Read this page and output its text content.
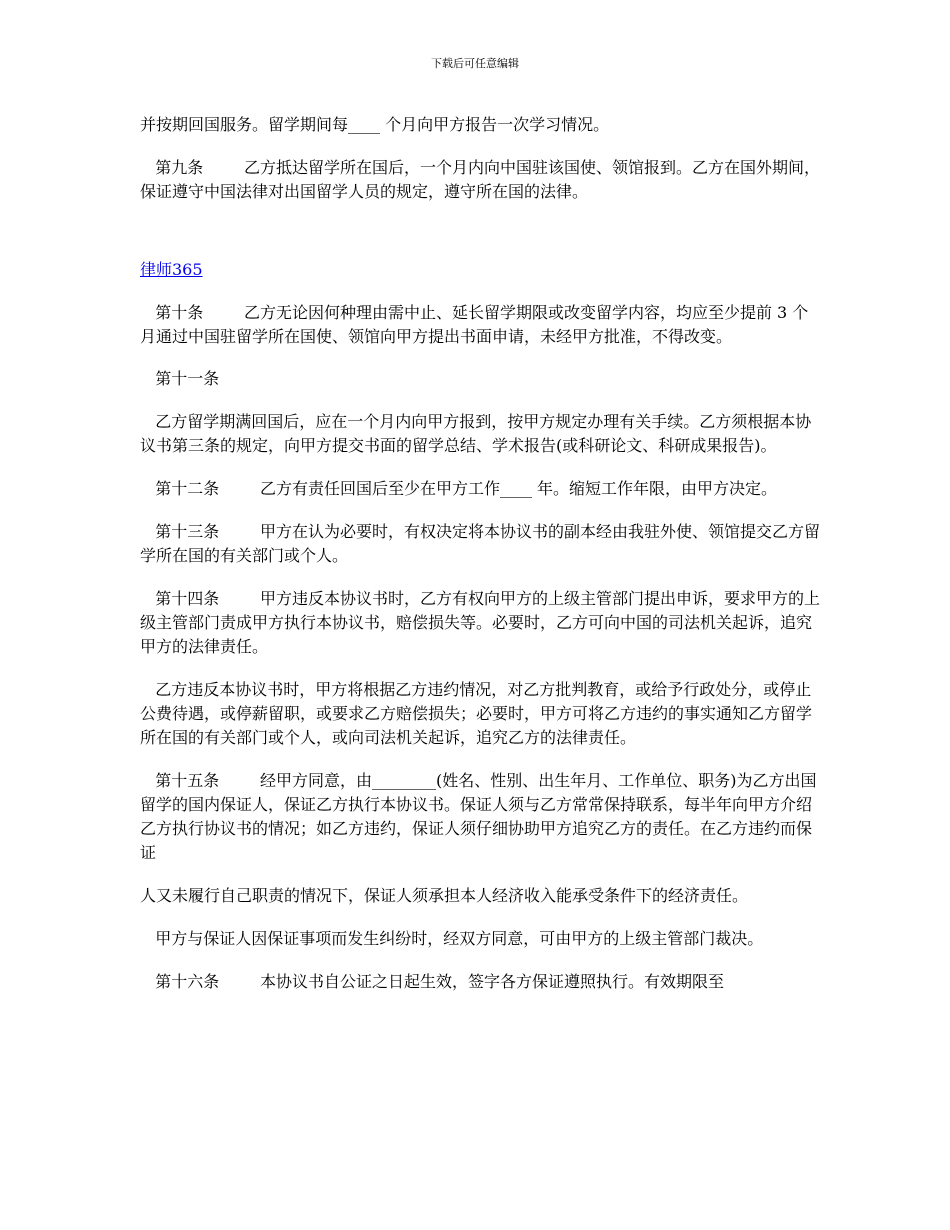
下载后可任意编辑

并按期回国服务。留学期间每____ 个月向甲方报告一次学习情况。

第九条        乙方抵达留学所在国后，一个月内向中国驻该国使、领馆报到。乙方在国外期间，保证遵守中国法律对出国留学人员的规定，遵守所在国的法律。

律师365

第十条        乙方无论因何种理由需中止、延长留学期限或改变留学内容，均应至少提前 3 个月通过中国驻留学所在国使、领馆向甲方提出书面申请，未经甲方批准，不得改变。

第十一条

乙方留学期满回国后，应在一个月内向甲方报到，按甲方规定办理有关手续。乙方须根据本协议书第三条的规定，向甲方提交书面的留学总结、学术报告(或科研论文、科研成果报告)。

第十二条        乙方有责任回国后至少在甲方工作____ 年。缩短工作年限，由甲方决定。

第十三条        甲方在认为必要时，有权决定将本协议书的副本经由我驻外使、领馆提交乙方留学所在国的有关部门或个人。

第十四条        甲方违反本协议书时，乙方有权向甲方的上级主管部门提出申诉，要求甲方的上级主管部门责成甲方执行本协议书，赔偿损失等。必要时，乙方可向中国的司法机关起诉，追究甲方的法律责任。

乙方违反本协议书时，甲方将根据乙方违约情况，对乙方批判教育，或给予行政处分，或停止公费待遇，或停薪留职，或要求乙方赔偿损失；必要时，甲方可将乙方违约的事实通知乙方留学所在国的有关部门或个人，或向司法机关起诉，追究乙方的法律责任。

第十五条        经甲方同意，由________(姓名、性别、出生年月、工作单位、职务)为乙方出国留学的国内保证人，保证乙方执行本协议书。保证人须与乙方常常保持联系，每半年向甲方介绍乙方执行协议书的情况；如乙方违约，保证人须仔细协助甲方追究乙方的责任。在乙方违约而保证

人又未履行自己职责的情况下，保证人须承担本人经济收入能承受条件下的经济责任。

甲方与保证人因保证事项而发生纠纷时，经双方同意，可由甲方的上级主管部门裁决。

第十六条        本协议书自公证之日起生效，签字各方保证遵照执行。有效期限至
